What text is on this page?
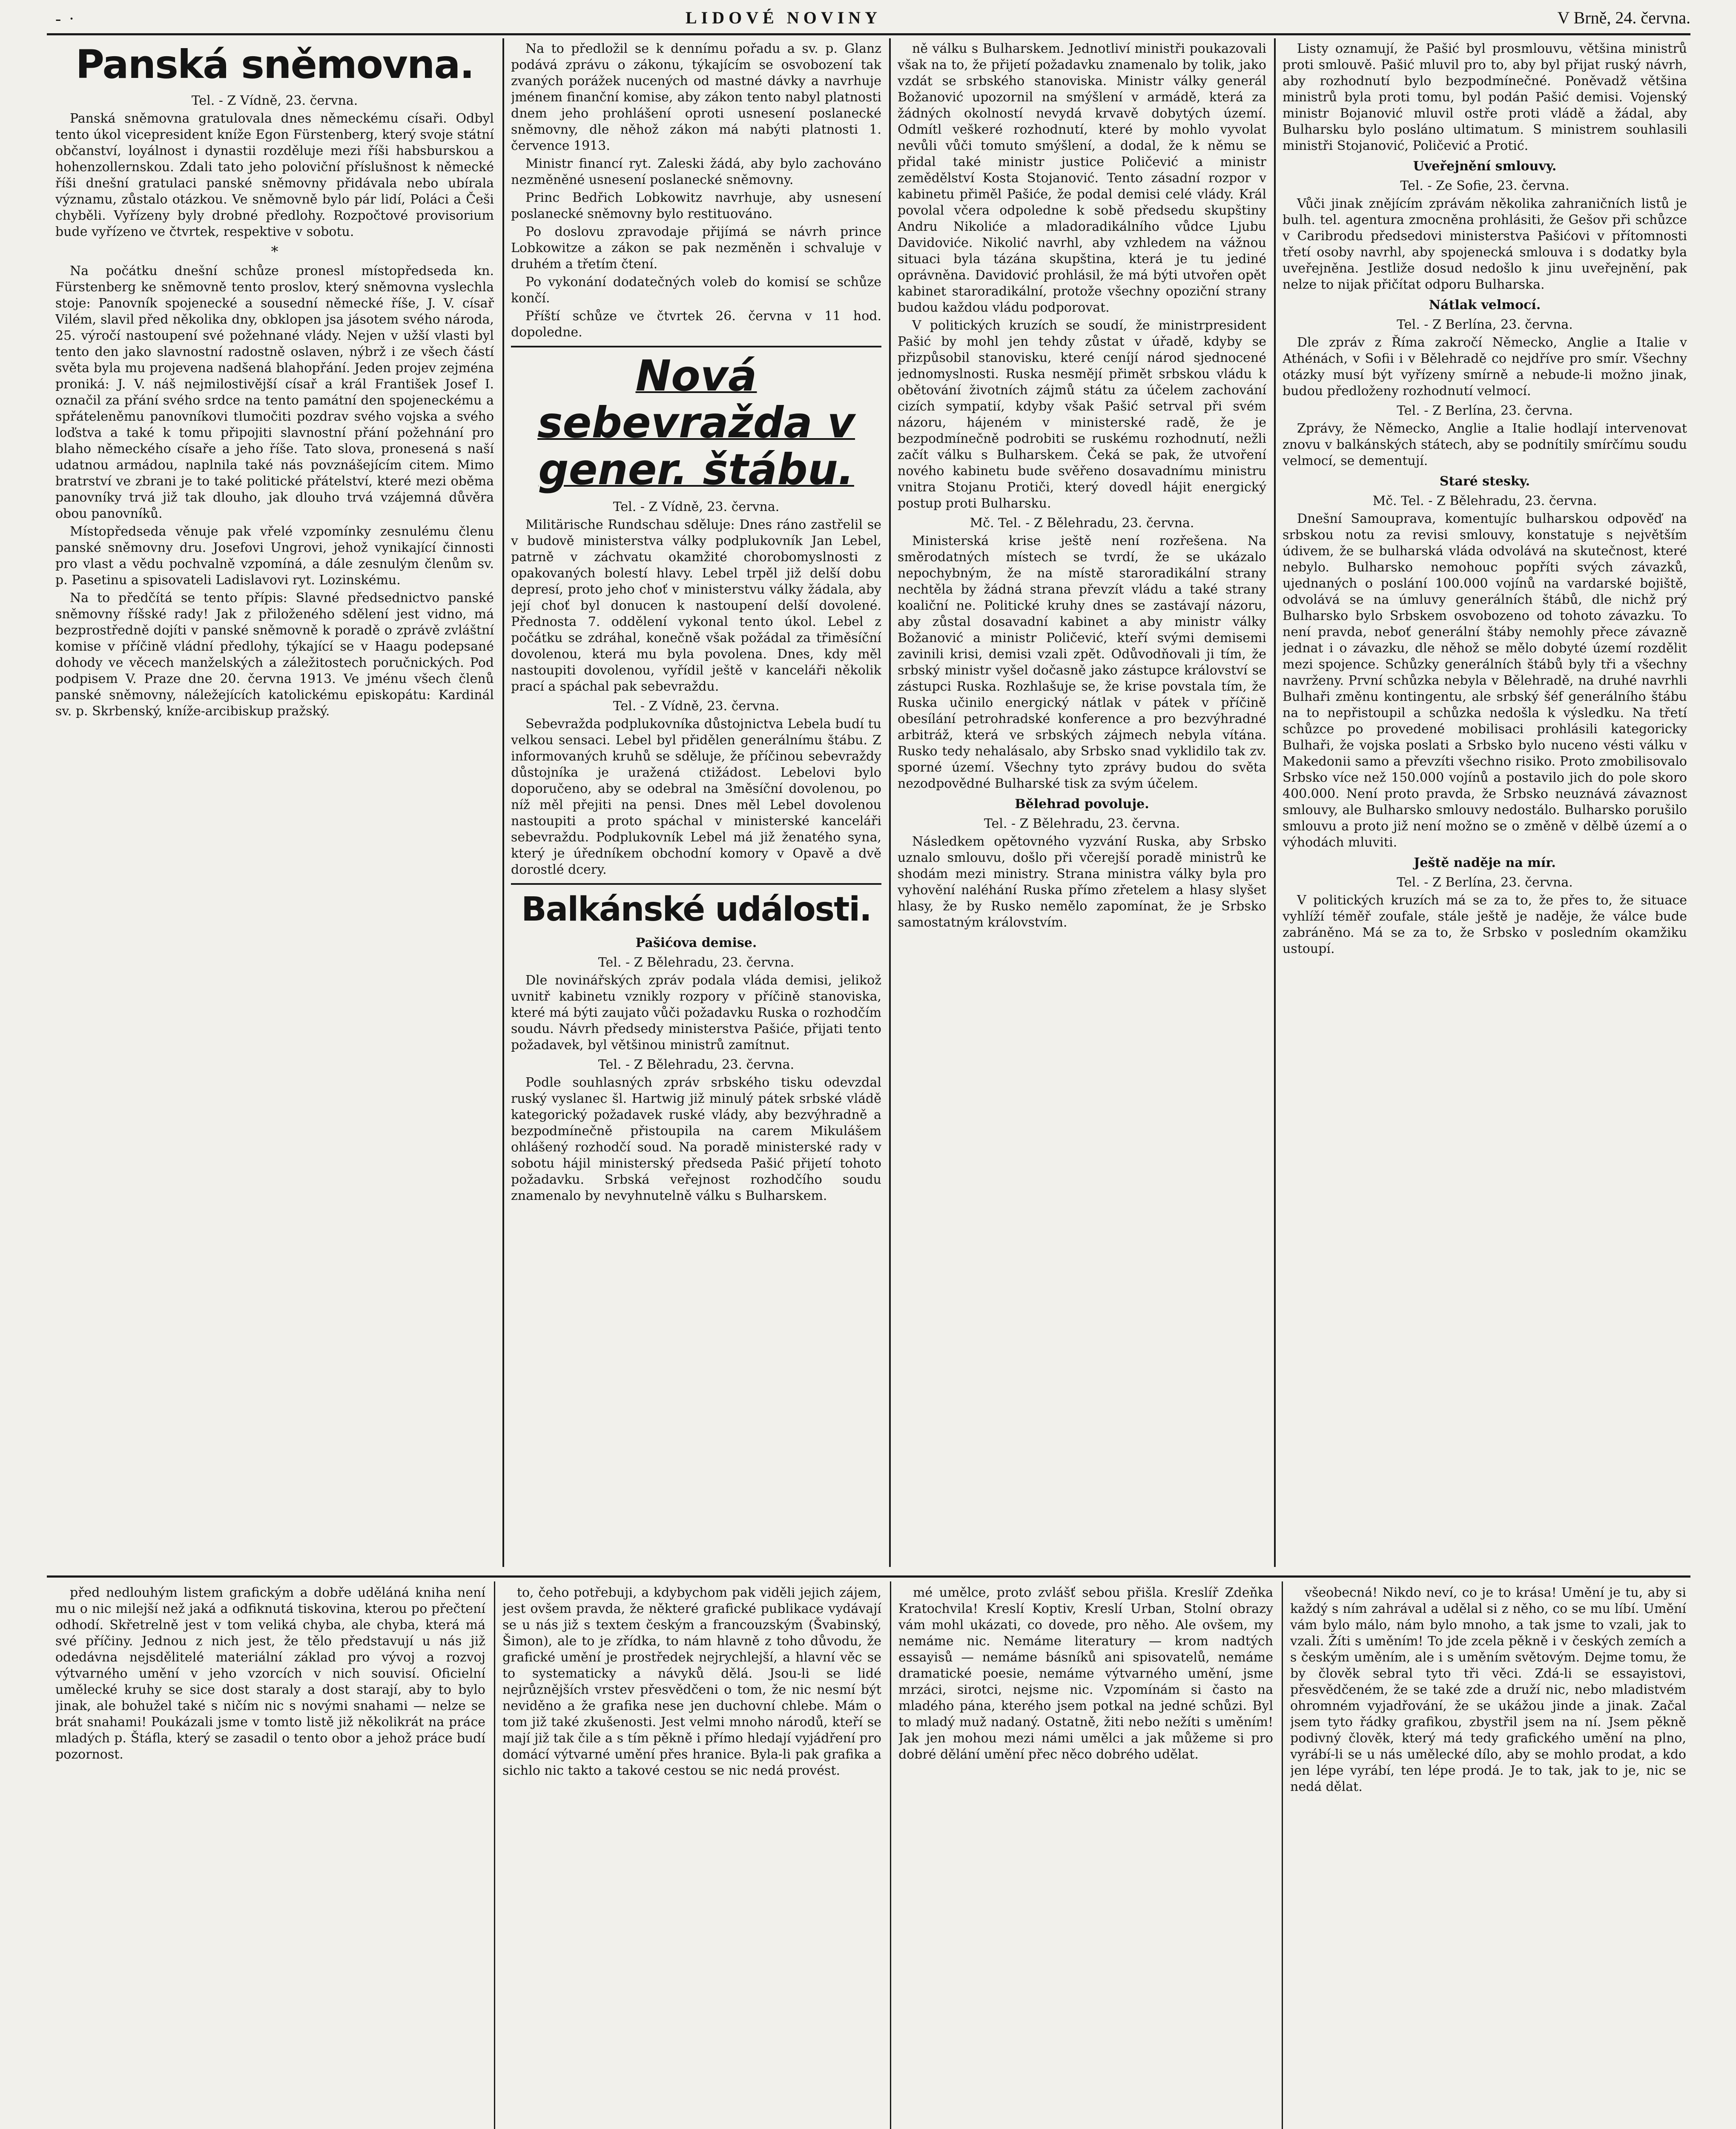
- ·	LIDOVÉ NOVINY	V Brně, 24. června.
Panská sněmovna.

Tel. - Z Vídně, 23. června.

Panská sněmovna gratulovala dnes německému císaři. Odbyl tento úkol vicepresident kníže Egon Fürstenberg, který svoje státní občanství, loyálnost i dynastii rozděluje mezi říši habsburskou a hohenzollernskou. Zdali tato jeho poloviční příslušnost k německé říši dnešní gratulaci panské sněmovny přidávala nebo ubírala významu, zůstalo otázkou. Ve sněmovně bylo pár lidí, Poláci a Češi chyběli. Vyřízeny byly drobné předlohy. Rozpočtové provisorium bude vyřízeno ve čtvrtek, respektive v sobotu.

*

Na počátku dnešní schůze pronesl místopředseda kn. Fürstenberg ke sněmovně tento proslov, který sněmovna vyslechla stoje: Panovník spojenecké a sousední německé říše, J. V. císař Vilém, slavil před několika dny, obklopen jsa jásotem svého národa, 25. výročí nastoupení své požehnané vlády. Nejen v užší vlasti byl tento den jako slavnostní radostně oslaven, nýbrž i ze všech částí světa byla mu projevena nadšená blahopřání. Jeden projev zejména proniká: J. V. náš nejmilostivější císař a král František Josef I. označil za přání svého srdce na tento památní den spojeneckému a spřáteleněmu panovníkovi tlumočiti pozdrav svého vojska a svého loďstva a také k tomu připojiti slavnostní přání požehnání pro blaho německého císaře a jeho říše. Tato slova, pronesená s naší udatnou armádou, naplnila také nás povznášejícím citem. Mimo bratrství ve zbrani je to také politické přátelství, které mezi oběma panovníky trvá již tak dlouho, jak dlouho trvá vzájemná důvěra obou panovníků.

Místopředseda věnuje pak vřelé vzpomínky zesnulému členu panské sněmovny dru. Josefovi Ungrovi, jehož vynikající činnosti pro vlast a vědu pochvalně vzpomíná, a dále zesnulým členům sv. p. Pasetinu a spisovateli Ladislavovi ryt. Lozinskému.

Na to předčítá se tento přípis: Slavné předsednictvo panské sněmovny říšské rady! Jak z přiloženého sdělení jest vidno, má bezprostředně dojíti v panské sněmovně k poradě o zprávě zvláštní komise v příčině vládní předlohy, týkající se v Haagu podepsané dohody ve věcech manželských a záležitostech poručnických. Pod podpisem V. Praze dne 20. června 1913. Ve jménu všech členů panské sněmovny, náležejících katolickému episkopátu: Kardinál sv. p. Skrbenský, kníže-arcibiskup pražský.

Na to předložil se k dennímu pořadu a sv. p. Glanz podává zprávu o zákonu, týkajícím se osvobození tak zvaných porážek nucených od mastné dávky a navrhuje jménem finanční komise, aby zákon tento nabyl platnosti dnem jeho prohlášení oproti usnesení poslanecké sněmovny, dle něhož zákon má nabýti platnosti 1. července 1913.

Ministr financí ryt. Zaleski žádá, aby bylo zachováno nezměněné usnesení poslanecké sněmovny.

Princ Bedřich Lobkowitz navrhuje, aby usnesení poslanecké sněmovny bylo restituováno.

Po doslovu zpravodaje přijímá se návrh prince Lobkowitze a zákon se pak nezměněn i schvaluje v druhém a třetím čtení.

Po vykonání dodatečných voleb do komisí se schůze končí.

Příští schůze ve čtvrtek 26. června v 11 hod. dopoledne.

Nová sebevražda v gener. štábu.

Tel. - Z Vídně, 23. června.

Militärische Rundschau sděluje: Dnes ráno zastřelil se v budově ministerstva války podplukovník Jan Lebel, patrně v záchvatu okamžité chorobomyslnosti z opakovaných bolestí hlavy. Lebel trpěl již delší dobu depresí, proto jeho choť v ministerstvu války žádala, aby její choť byl donucen k nastoupení delší dovolené. Přednosta 7. oddělení vykonal tento úkol. Lebel z počátku se zdráhal, konečně však požádal za třiměsíční dovolenou, která mu byla povolena. Dnes, kdy měl nastoupiti dovolenou, vyřídil ještě v kanceláři několik prací a spáchal pak sebevraždu.

Tel. - Z Vídně, 23. června.

Sebevražda podplukovníka důstojnictva Lebela budí tu velkou sensaci. Lebel byl přidělen generálnímu štábu. Z informovaných kruhů se sděluje, že příčinou sebevraždy důstojníka je uražená ctižádost. Lebelovi bylo doporučeno, aby se odebral na 3měsíční dovolenou, po níž měl přejiti na pensi. Dnes měl Lebel dovolenou nastoupiti a proto spáchal v ministerské kanceláři sebevraždu. Podplukovník Lebel má již ženatého syna, který je úředníkem obchodní komory v Opavě a dvě dorostlé dcery.

Balkánské události.

Pašićova demise.

Tel. - Z Bělehradu, 23. června.

Dle novinářských zpráv podala vláda demisi, jelikož uvnitř kabinetu vznikly rozpory v příčině stanoviska, které má býti zaujato vůči požadavku Ruska o rozhodčím soudu. Návrh předsedy ministerstva Pašiće, přijati tento požadavek, byl většinou ministrů zamítnut.

Tel. - Z Bělehradu, 23. června.

Podle souhlasných zpráv srbského tisku odevzdal ruský vyslanec šl. Hartwig již minulý pátek srbské vládě kategorický požadavek ruské vlády, aby bezvýhradně a bezpodmínečně přistoupila na carem Mikulášem ohlášený rozhodčí soud. Na poradě ministerské rady v sobotu hájil ministerský předseda Pašić přijetí tohoto požadavku. Srbská veřejnost rozhodčího soudu znamenalo by nevyhnutelně válku s Bulharskem.

ně válku s Bulharskem. Jednotliví ministři poukazovali však na to, že přijetí požadavku znamenalo by tolik, jako vzdát se srbského stanoviska. Ministr války generál Božanović upozornil na smýšlení v armádě, která za žádných okolností nevydá krvavě dobytých území. Odmítl veškeré rozhodnutí, které by mohlo vyvolat nevůli vůči tomuto smýšlení, a dodal, že k němu se přidal také ministr justice Poličević a ministr zemědělství Kosta Stojanović. Tento zásadní rozpor v kabinetu přiměl Pašiće, že podal demisi celé vlády. Král povolal včera odpoledne k sobě předsedu skupštiny Andru Nikoliće a mladoradikálního vůdce Ljubu Davidoviće. Nikolić navrhl, aby vzhledem na vážnou situaci byla tázána skupština, která je tu jediné oprávněna. Davidović prohlásil, že má býti utvořen opět kabinet staroradikální, protože všechny opoziční strany budou každou vládu podporovat.

V politických kruzích se soudí, že ministrpresident Pašić by mohl jen tehdy zůstat v úřadě, kdyby se přizpůsobil stanovisku, které ceníjí národ sjednocené jednomyslnosti. Ruska nesmějí přimět srbskou vládu k obětování životních zájmů státu za účelem zachování cizích sympatií, kdyby však Pašić setrval při svém názoru, hájeném v ministerské radě, že je bezpodmínečně podrobiti se ruskému rozhodnutí, nežli začít válku s Bulharskem. Čeká se pak, že utvoření nového kabinetu bude svěřeno dosavadnímu ministru vnitra Stojanu Protiči, který dovedl hájit energický postup proti Bulharsku.

Mč. Tel. - Z Bělehradu, 23. června.

Ministerská krise ještě není rozřešena. Na směrodatných místech se tvrdí, že se ukázalo nepochybným, že na místě staroradikální strany nechtěla by žádná strana převzít vládu a také strany koaliční ne. Politické kruhy dnes se zastávají názoru, aby zůstal dosavadní kabinet a aby ministr války Božanović a ministr Poličević, kteří svými demisemi zavinili krisi, demisi vzali zpět. Odůvodňovali ji tím, že srbský ministr vyšel dočasně jako zástupce království se zástupci Ruska. Rozhlašuje se, že krise povstala tím, že Ruska učinilo energický nátlak v pátek v příčině obesílání petrohradské konference a pro bezvýhradné arbitráž, která ve srbských zájmech nebyla vítána. Rusko tedy nehalásalo, aby Srbsko snad vyklidilo tak zv. sporné území. Všechny tyto zprávy budou do světa nezodpovědné Bulharské tisk za svým účelem.

Bělehrad povoluje.

Tel. - Z Bělehradu, 23. června.

Následkem opětovného vyzvání Ruska, aby Srbsko uznalo smlouvu, došlo při včerejší poradě ministrů ke shodám mezi ministry. Strana ministra války byla pro vyhovění naléhání Ruska přímo zřetelem a hlasy slyšet hlasy, že by Rusko nemělo zapomínat, že je Srbsko samostatným královstvím.

Listy oznamují, že Pašić byl prosmlouvu, většina ministrů proti smlouvě. Pašić mluvil pro to, aby byl přijat ruský návrh, aby rozhodnutí bylo bezpodmínečné. Poněvadž většina ministrů byla proti tomu, byl podán Pašić demisi. Vojenský ministr Bojanović mluvil ostře proti vládě a žádal, aby Bulharsku bylo posláno ultimatum. S ministrem souhlasili ministři Stojanović, Poličević a Protić.

Uveřejnění smlouvy.

Tel. - Ze Sofie, 23. června.

Vůči jinak znějícím zprávám několika zahraničních listů je bulh. tel. agentura zmocněna prohlásiti, že Gešov při schůzce v Caribrodu předsedovi ministerstva Pašićovi v přítomnosti třetí osoby navrhl, aby spojenecká smlouva i s dodatky byla uveřejněna. Jestliže dosud nedošlo k jinu uveřejnění, pak nelze to nijak přičítat odporu Bulharska.

Nátlak velmocí.

Tel. - Z Berlína, 23. června.

Dle zpráv z Říma zakročí Německo, Anglie a Italie v Athénách, v Sofii i v Bělehradě co nejdříve pro smír. Všechny otázky musí být vyřízeny smírně a nebude-li možno jinak, budou předloženy rozhodnutí velmocí.

Tel. - Z Berlína, 23. června.

Zprávy, že Německo, Anglie a Italie hodlají intervenovat znovu v balkánských státech, aby se podnítily smírčímu soudu velmocí, se dementují.

Staré stesky.

Mč. Tel. - Z Bělehradu, 23. června.

Dnešní Samouprava, komentujíc bulharskou odpověď na srbskou notu za revisi smlouvy, konstatuje s největším údivem, že se bulharská vláda odvolává na skutečnost, které nebylo. Bulharsko nemohouc popříti svých závazků, ujednaných o poslání 100.000 vojínů na vardarské bojiště, odvolává se na úmluvy generálních štábů, dle nichž prý Bulharsko bylo Srbskem osvobozeno od tohoto závazku. To není pravda, neboť generální štáby nemohly přece závazně jednat i o závazku, dle něhož se mělo dobyté území rozdělit mezi spojence. Schůzky generálních štábů byly tři a všechny navrženy. První schůzka nebyla v Bělehradě, na druhé navrhli Bulhaři změnu kontingentu, ale srbský šéf generálního štábu na to nepřistoupil a schůzka nedošla k výsledku. Na třetí schůzce po provedené mobilisaci prohlásili kategoricky Bulhaři, že vojska poslati a Srbsko bylo nuceno vésti válku v Makedonii samo a převzíti všechno risiko. Proto zmobilisovalo Srbsko více než 150.000 vojínů a postavilo jich do pole skoro 400.000. Není proto pravda, že Srbsko neuznává závaznost smlouvy, ale Bulharsko smlouvy nedostálo. Bulharsko porušilo smlouvu a proto již není možno se o změně v dělbě území a o výhodách mluviti.

Ještě naděje na mír.

Tel. - Z Berlína, 23. června.

V politických kruzích má se za to, že přes to, že situace vyhlíží téměř zoufale, stále ještě je naděje, že válce bude zabráněno. Má se za to, že Srbsko v posledním okamžiku ustoupí.

před nedlouhým listem grafickým a dobře uděláná kniha není mu o nic milejší než jaká a odfiknutá tiskovina, kterou po přečtení odhodí. Skřetrelně jest v tom veliká chyba, ale chyba, která má své příčiny. Jednou z nich jest, že tělo představují u nás již odedávna nejsdělitelé materiální základ pro vývoj a rozvoj výtvarného umění v jeho vzorcích v nich souvisí. Oficielní umělecké kruhy se sice dost staraly a dost starají, aby to bylo jinak, ale bohužel také s ničím nic s novými snahami — nelze se brát snahami! Poukázali jsme v tomto listě již několikrát na práce mladých p. Štáfla, který se zasadil o tento obor a jehož práce budí pozornost.

to, čeho potřebuji, a kdybychom pak viděli jejich zájem, jest ovšem pravda, že některé grafické publikace vydávají se u nás již s textem českým a francouzským (Švabinský, Šimon), ale to je zřídka, to nám hlavně z toho důvodu, že grafické umění je prostředek nejrychlejší, a hlavní věc se to systematicky a návyků dělá. Jsou-li se lidé nejrůznějších vrstev přesvědčeni o tom, že nic nesmí být neviděno a že grafika nese jen duchovní chlebe. Mám o tom již také zkušenosti. Jest velmi mnoho národů, kteří se mají již tak čile a s tím pěkně i přímo hledají vyjádření pro domácí výtvarné umění přes hranice. Byla-li pak grafika a sichlo nic takto a takové cestou se nic nedá provést.

mé umělce, proto zvlášť sebou přišla. Kreslíř Zdeňka Kratochvila! Kreslí Koptiv, Kreslí Urban, Stolní obrazy vám mohl ukázati, co dovede, pro něho. Ale ovšem, my nemáme nic. Nemáme literatury — krom nadtých essayisů — nemáme básníků ani spisovatelů, nemáme dramatické poesie, nemáme výtvarného umění, jsme mrzáci, sirotci, nejsme nic. Vzpomínám si často na mladého pána, kterého jsem potkal na jedné schůzi. Byl to mladý muž nadaný. Ostatně, žiti nebo nežíti s uměním! Jak jen mohou mezi námi umělci a jak můžeme si pro dobré dělání umění přec něco dobrého udělat.

všeobecná! Nikdo neví, co je to krása! Umění je tu, aby si každý s ním zahrával a udělal si z něho, co se mu líbí. Umění vám bylo málo, nám bylo mnoho, a tak jsme to vzali, jak to vzali. Žíti s uměním! To jde zcela pěkně i v českých zemích a s českým uměním, ale i s uměním světovým. Dejme tomu, že by člověk sebral tyto tři věci. Zdá-li se essayistovi, přesvědčeném, že se také zde a druží nic, nebo mladistvém ohromném vyjadřování, že se ukážou jinde a jinak. Začal jsem tyto řádky grafikou, zbystřil jsem na ní. Jsem pěkně podivný člověk, který má tedy grafického umění na plno, vyrábí-li se u nás umělecké dílo, aby se mohlo prodat, a kdo jen lépe vyrábí, ten lépe prodá. Je to tak, jak to je, nic se nedá dělat.
